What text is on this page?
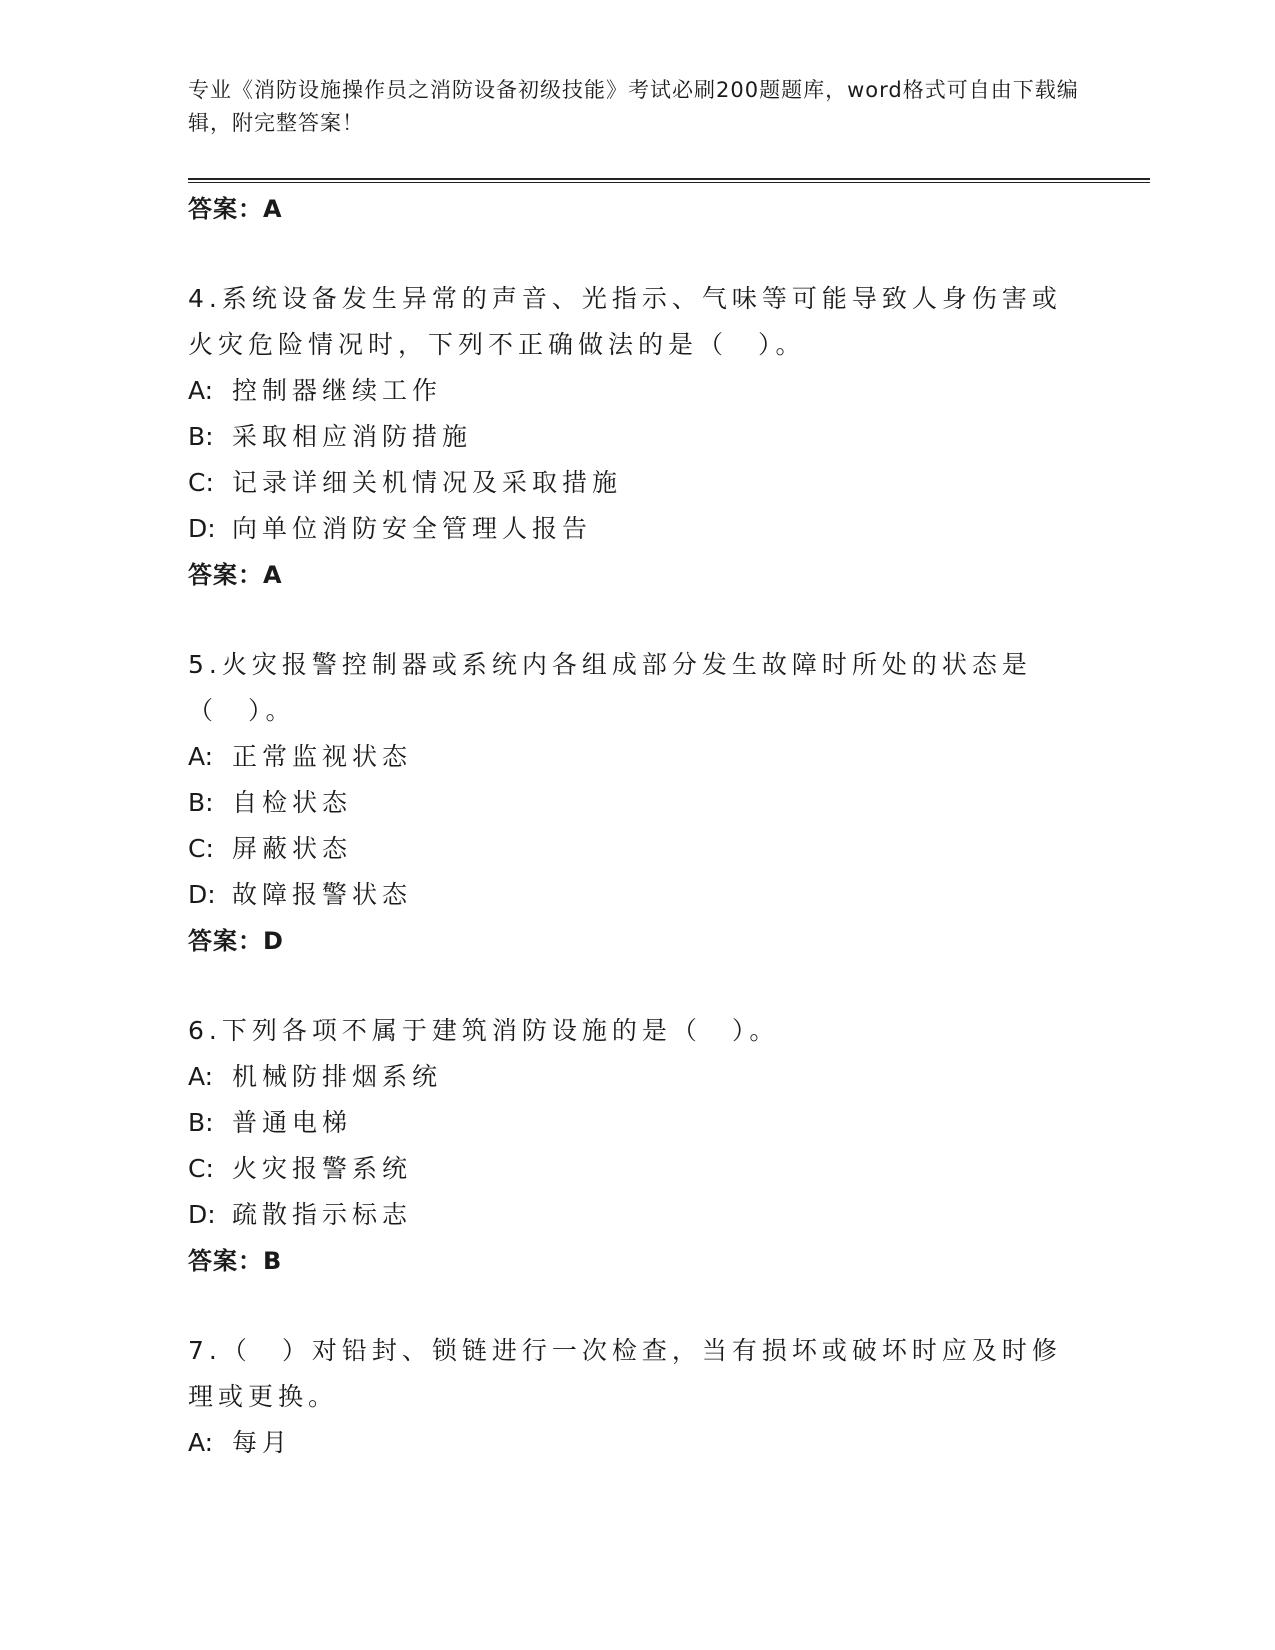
专业《消防设施操作员之消防设备初级技能》考试必刷200题题库，word格式可自由下载编辑，附完整答案！
答案：A
4.系统设备发生异常的声音、光指示、气味等可能导致人身伤害或火灾危险情况时，下列不正确做法的是（　）。
A: 控制器继续工作
B: 采取相应消防措施
C: 记录详细关机情况及采取措施
D: 向单位消防安全管理人报告
答案：A
5.火灾报警控制器或系统内各组成部分发生故障时所处的状态是（　）。
A: 正常监视状态
B: 自检状态
C: 屏蔽状态
D: 故障报警状态
答案：D
6.下列各项不属于建筑消防设施的是（　）。
A: 机械防排烟系统
B: 普通电梯
C: 火灾报警系统
D: 疏散指示标志
答案：B
7.（　）对铅封、锁链进行一次检查，当有损坏或破坏时应及时修理或更换。
A: 每月
